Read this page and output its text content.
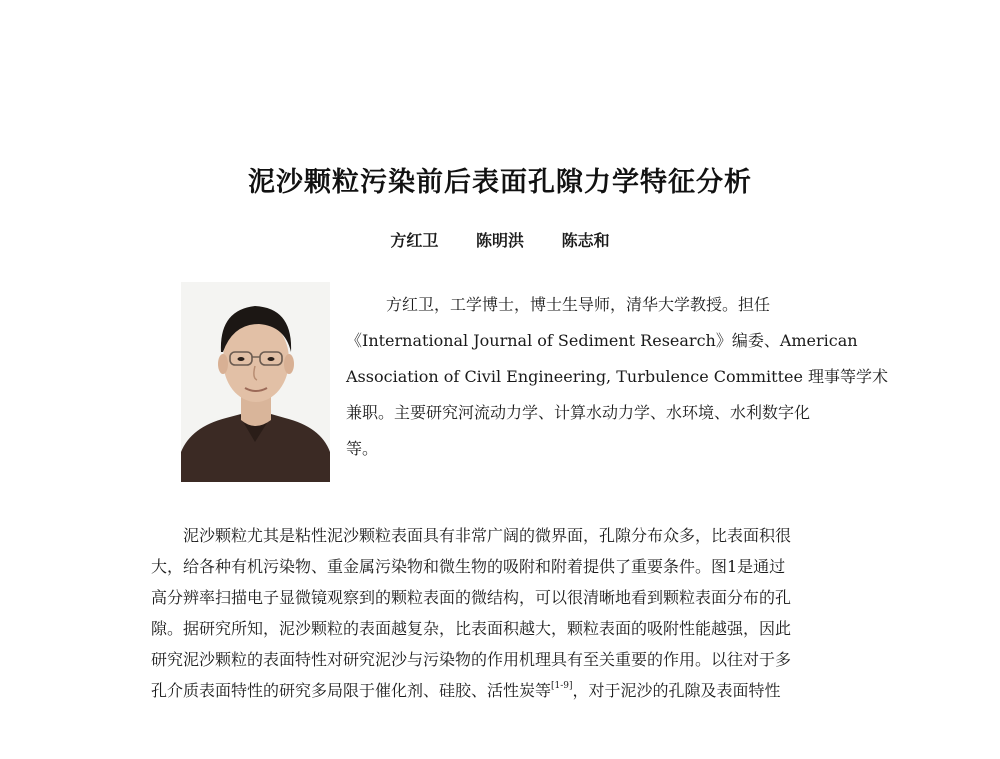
泥沙颗粒污染前后表面孔隙力学特征分析
方红卫 陈明洪 陈志和
方红卫，工学博士，博士生导师，清华大学教授。担任
《International Journal of Sediment Research》编委、American
Association of Civil Engineering, Turbulence Committee 理事等学术
兼职。主要研究河流动力学、计算水动力学、水环境、水利数字化
等。
泥沙颗粒尤其是粘性泥沙颗粒表面具有非常广阔的微界面，孔隙分布众多，比表面积很
大，给各种有机污染物、重金属污染物和微生物的吸附和附着提供了重要条件。图1是通过
高分辨率扫描电子显微镜观察到的颗粒表面的微结构，可以很清晰地看到颗粒表面分布的孔
隙。据研究所知，泥沙颗粒的表面越复杂，比表面积越大，颗粒表面的吸附性能越强，因此
研究泥沙颗粒的表面特性对研究泥沙与污染物的作用机理具有至关重要的作用。以往对于多
孔介质表面特性的研究多局限于催化剂、硅胶、活性炭等[1-9]，对于泥沙的孔隙及表面特性
